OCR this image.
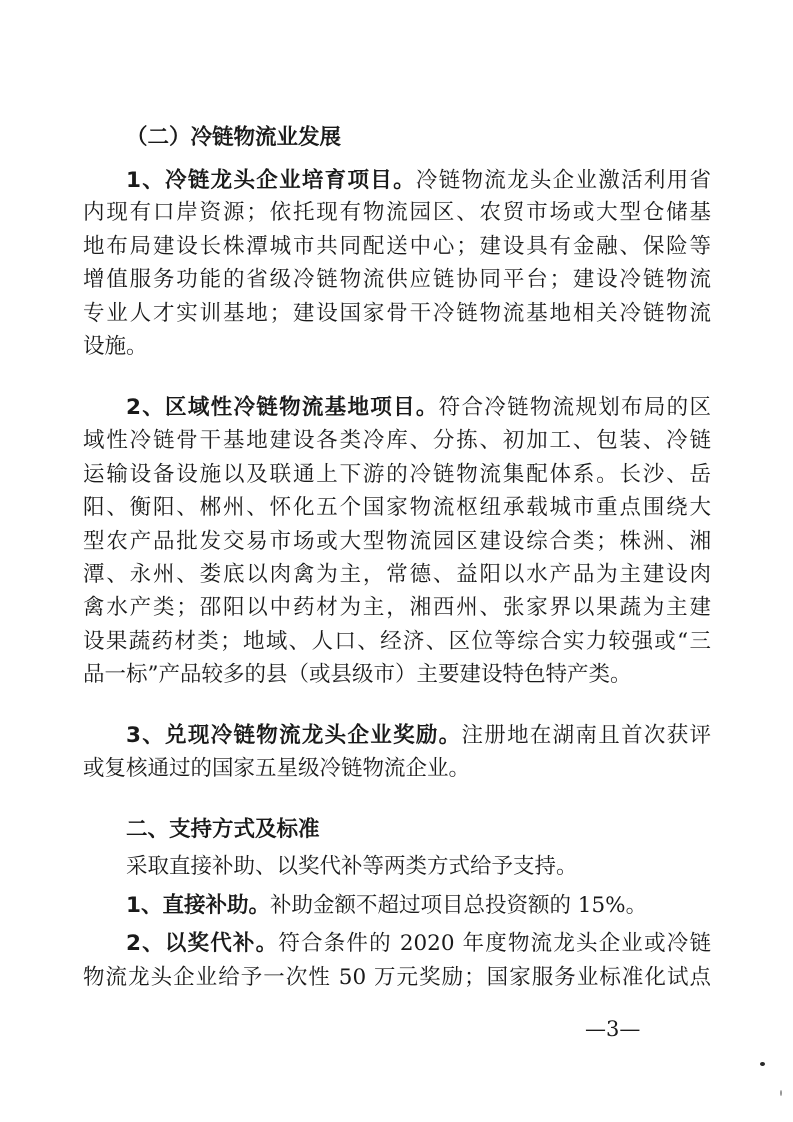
（二）冷链物流业发展
1、冷链龙头企业培育项目。冷链物流龙头企业激活利用省
内现有口岸资源；依托现有物流园区、农贸市场或大型仓储基
地布局建设长株潭城市共同配送中心；建设具有金融、保险等
增值服务功能的省级冷链物流供应链协同平台；建设冷链物流
专业人才实训基地；建设国家骨干冷链物流基地相关冷链物流
设施。
2、区域性冷链物流基地项目。符合冷链物流规划布局的区
域性冷链骨干基地建设各类冷库、分拣、初加工、包装、冷链
运输设备设施以及联通上下游的冷链物流集配体系。长沙、岳
阳、衡阳、郴州、怀化五个国家物流枢纽承载城市重点围绕大
型农产品批发交易市场或大型物流园区建设综合类；株洲、湘
潭、永州、娄底以肉禽为主，常德、益阳以水产品为主建设肉
禽水产类；邵阳以中药材为主，湘西州、张家界以果蔬为主建
设果蔬药材类；地域、人口、经济、区位等综合实力较强或“三
品一标”产品较多的县（或县级市）主要建设特色特产类。
3、兑现冷链物流龙头企业奖励。注册地在湖南且首次获评
或复核通过的国家五星级冷链物流企业。
二、支持方式及标准
采取直接补助、以奖代补等两类方式给予支持。
1、直接补助。补助金额不超过项目总投资额的 15%。
2、以奖代补。符合条件的 2020 年度物流龙头企业或冷链
物流龙头企业给予一次性 50 万元奖励；国家服务业标准化试点
—3—
